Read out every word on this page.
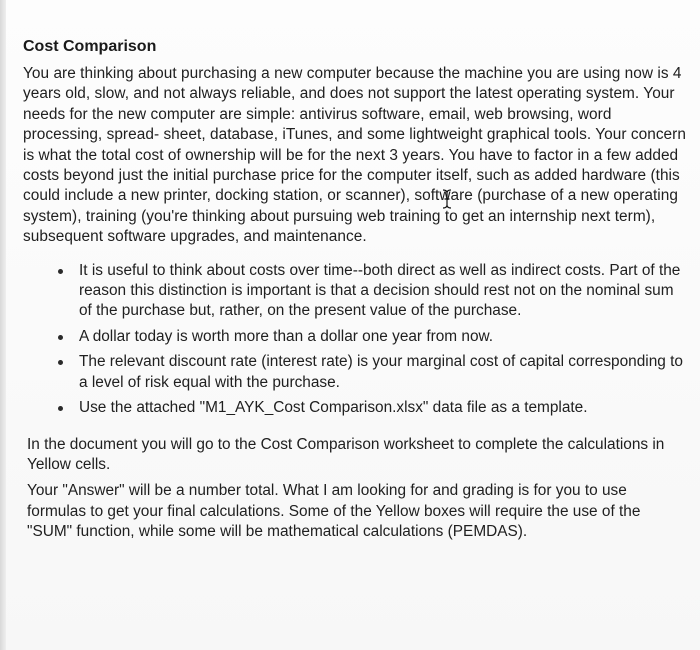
Cost Comparison

You are thinking about purchasing a new computer because the machine you are using now is 4 years old, slow, and not always reliable, and does not support the latest operating system. Your needs for the new computer are simple: antivirus software, email, web browsing, word processing, spread- sheet, database, iTunes, and some lightweight graphical tools. Your concern is what the total cost of ownership will be for the next 3 years. You have to factor in a few added costs beyond just the initial purchase price for the computer itself, such as added hardware (this could include a new printer, docking station, or scanner), software (purchase of a new operating system), training (you're thinking about pursuing web training to get an internship next term), subsequent software upgrades, and maintenance.

It is useful to think about costs over time--both direct as well as indirect costs. Part of the reason this distinction is important is that a decision should rest not on the nominal sum of the purchase but, rather, on the present value of the purchase.
A dollar today is worth more than a dollar one year from now.
The relevant discount rate (interest rate) is your marginal cost of capital corresponding to a level of risk equal with the purchase.
Use the attached "M1_AYK_Cost Comparison.xlsx" data file as a template.

In the document you will go to the Cost Comparison worksheet to complete the calculations in Yellow cells.

Your "Answer" will be a number total. What I am looking for and grading is for you to use formulas to get your final calculations. Some of the Yellow boxes will require the use of the "SUM" function, while some will be mathematical calculations (PEMDAS).
